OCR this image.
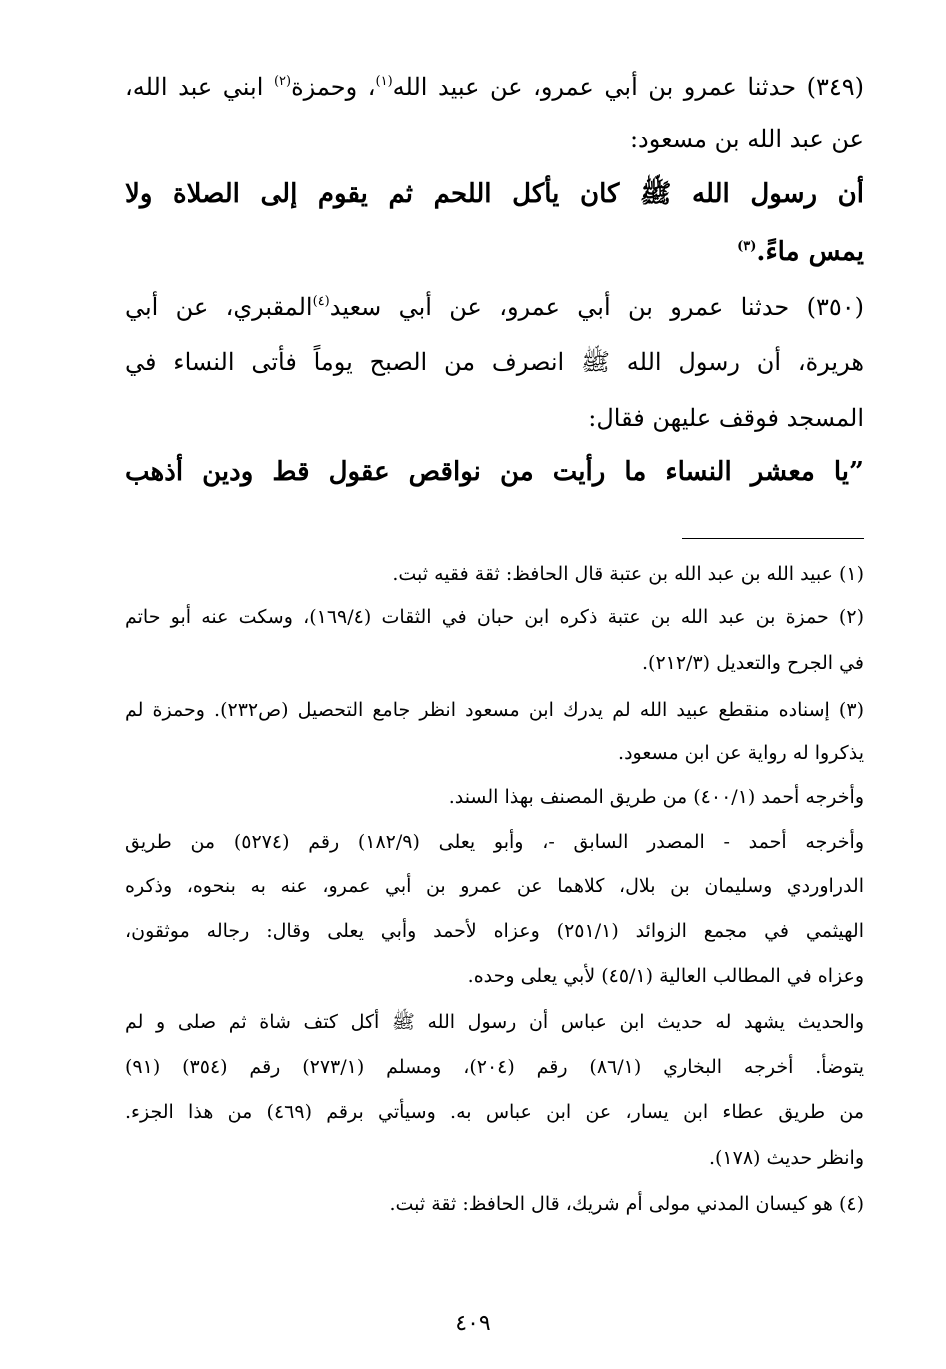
(٣٤٩) حدثنا عمرو بن أبي عمرو، عن عبيد الله$^{(١)}$، وحمزة$^{(٢)}$ ابني عبد الله،

عن عبد الله بن مسعود:

أن رسول الله ﷺ كان يأكل اللحم ثم يقوم إلى الصلاة ولا

يمس ماءً.$^{(٣)}$

(٣٥٠) حدثنا عمرو بن أبي عمرو، عن أبي سعيد$^{(٤)}$المقبري، عن أبي

هريرة، أن رسول الله ﷺ انصرف من الصبح يوماً فأتى النساء في

المسجد فوقف عليهن فقال:

”يا معشر النساء ما رأيت من نواقص عقول قط ودين أذهب

(١) عبيد الله بن عبد الله بن عتبة قال الحافظ: ثقة فقيه ثبت.

(٢) حمزة بن عبد الله بن عتبة ذكره ابن حبان في الثقات (١٦٩/٤)، وسكت عنه أبو حاتم

في الجرح والتعديل (٢١٢/٣).

(٣) إسناده منقطع عبيد الله لم يدرك ابن مسعود انظر جامع التحصيل (ص٢٣٢). وحمزة لم

يذكروا له رواية عن ابن مسعود.

وأخرجه أحمد (٤٠٠/١) من طريق المصنف بهذا السند.

وأخرجه أحمد - المصدر السابق -، وأبو يعلى (١٨٢/٩) رقم (٥٢٧٤) من طريق

الدراوردي وسليمان بن بلال، كلاهما عن عمرو بن أبي عمرو، عنه به بنحوه، وذكره

الهيثمي في مجمع الزوائد (٢٥١/١) وعزاه لأحمد وأبي يعلى وقال: رجاله موثقون،

وعزاه في المطالب العالية (٤٥/١) لأبي يعلى وحده.

والحديث يشهد له حديث ابن عباس أن رسول الله ﷺ أكل كتف شاة ثم صلى و لم

يتوضأ. أخرجه البخاري (٨٦/١) رقم (٢٠٤)، ومسلم (٢٧٣/١) رقم (٣٥٤) (٩١)

من طريق عطاء ابن يسار، عن ابن عباس به. وسيأتي برقم (٤٦٩) من هذا الجزء.

وانظر حديث (١٧٨).

(٤) هو كيسان المدني مولى أم شريك، قال الحافظ: ثقة ثبت.

٤٠٩
